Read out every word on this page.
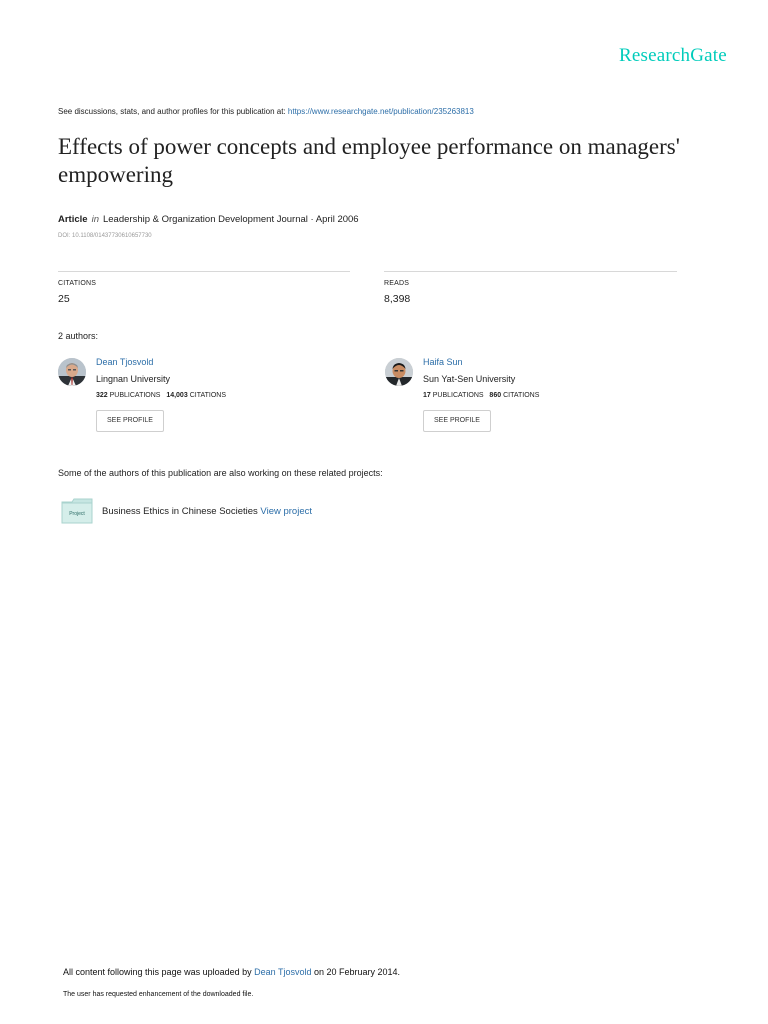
ResearchGate
See discussions, stats, and author profiles for this publication at: https://www.researchgate.net/publication/235263813
Effects of power concepts and employee performance on managers' empowering
Article in Leadership & Organization Development Journal · April 2006
DOI: 10.1108/01437730610657730
CITATIONS
25
READS
8,398
2 authors:
Dean Tjosvold
Lingnan University
322 PUBLICATIONS 14,003 CITATIONS
SEE PROFILE
Haifa Sun
Sun Yat-Sen University
17 PUBLICATIONS 860 CITATIONS
SEE PROFILE
Some of the authors of this publication are also working on these related projects:
Project Business Ethics in Chinese Societies View project
All content following this page was uploaded by Dean Tjosvold on 20 February 2014.
The user has requested enhancement of the downloaded file.
